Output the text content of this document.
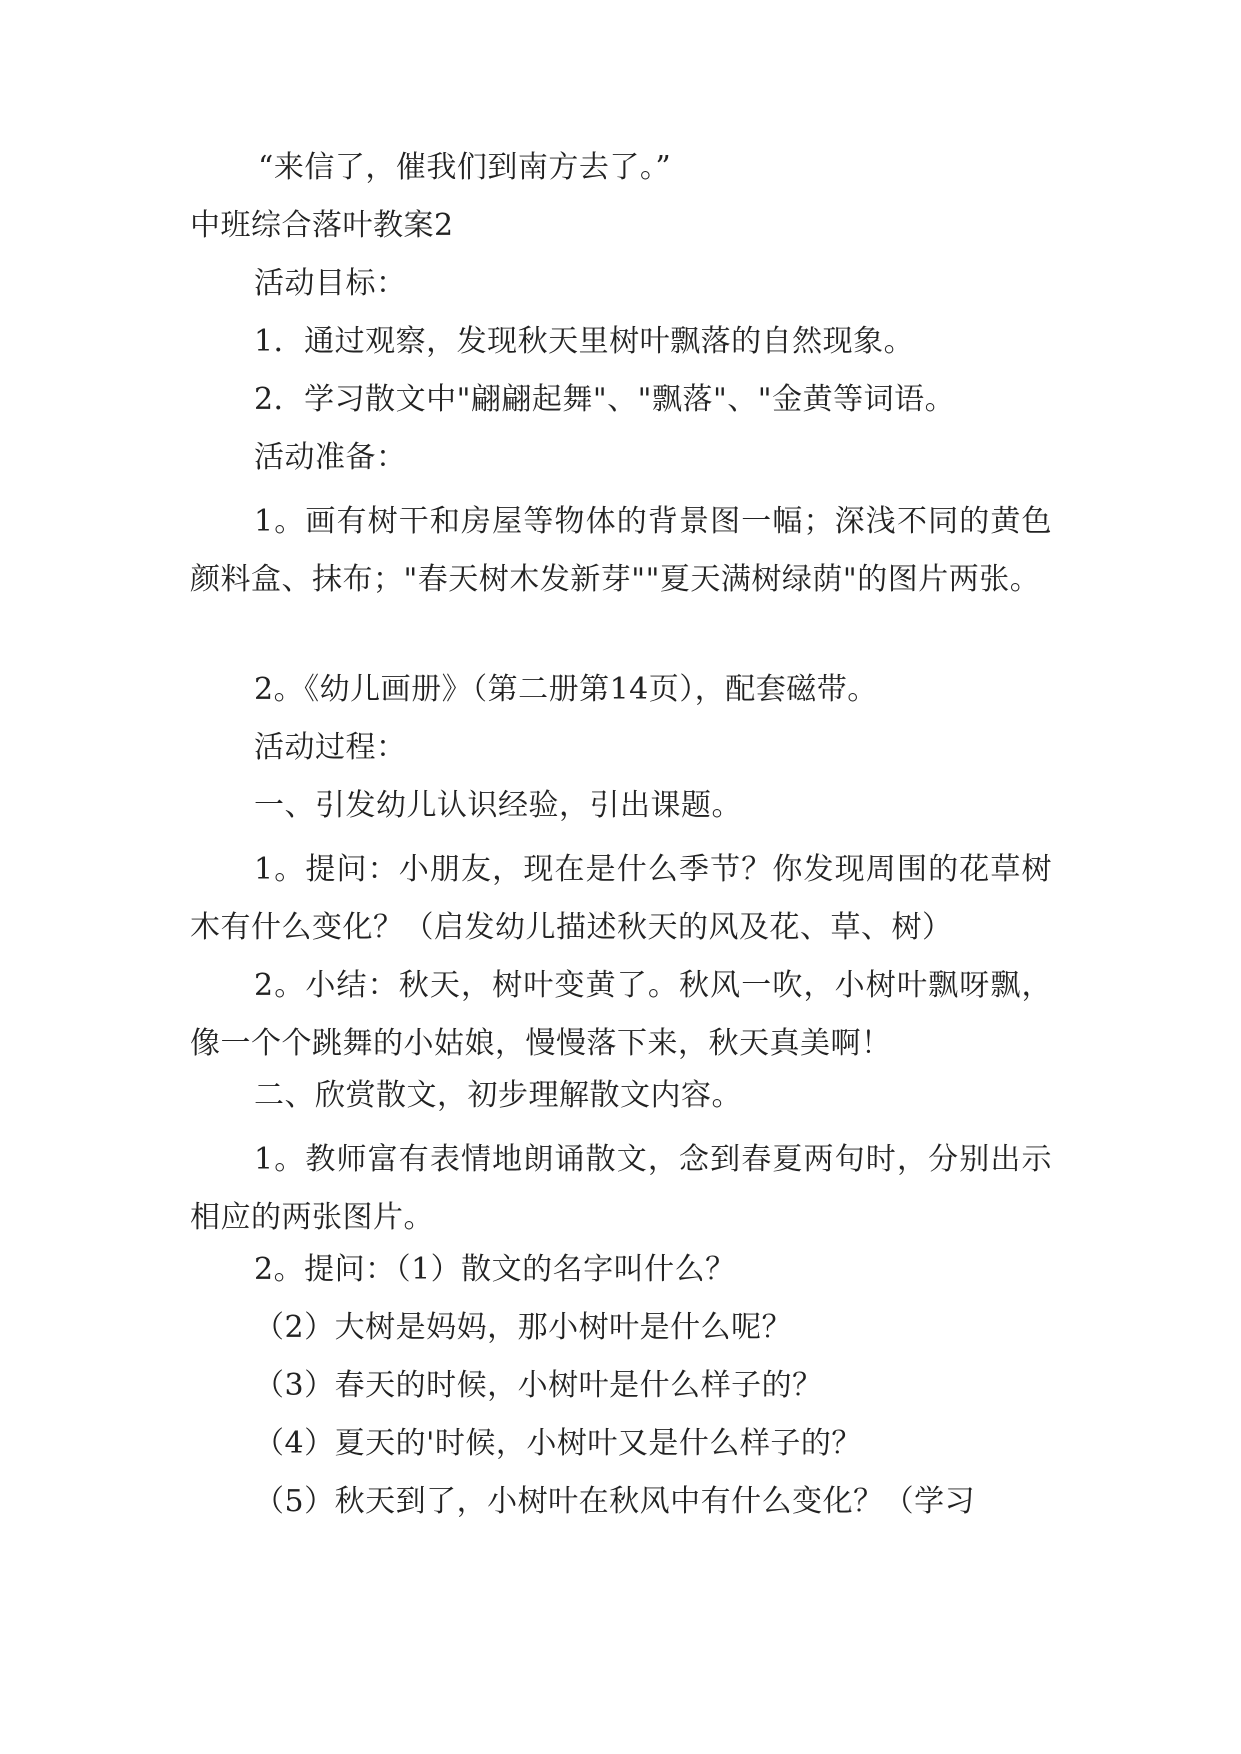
“来信了，催我们到南方去了。”

中班综合落叶教案2

活动目标：

1．通过观察，发现秋天里树叶飘落的自然现象。

2．学习散文中"翩翩起舞"、"飘落"、"金黄等词语。

活动准备：

1。画有树干和房屋等物体的背景图一幅；深浅不同的黄色颜料盒、抹布；"春天树木发新芽""夏天满树绿荫"的图片两张。

2。《幼儿画册》（第二册第14页），配套磁带。

活动过程：

一、引发幼儿认识经验，引出课题。

1。提问：小朋友，现在是什么季节？你发现周围的花草树木有什么变化？（启发幼儿描述秋天的风及花、草、树）

2。小结：秋天，树叶变黄了。秋风一吹，小树叶飘呀飘，像一个个跳舞的小姑娘，慢慢落下来，秋天真美啊！

二、欣赏散文，初步理解散文内容。

1。教师富有表情地朗诵散文，念到春夏两句时，分别出示相应的两张图片。

2。提问：（1）散文的名字叫什么？

（2）大树是妈妈，那小树叶是什么呢？

（3）春天的时候，小树叶是什么样子的？

（4）夏天的'时候，小树叶又是什么样子的？

（5）秋天到了，小树叶在秋风中有什么变化？（学习
